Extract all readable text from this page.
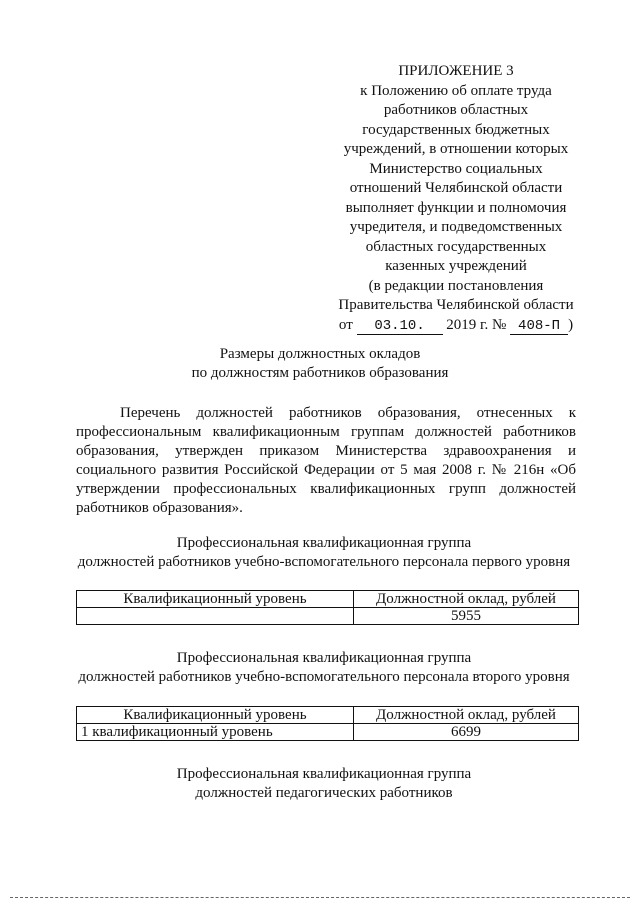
ПРИЛОЖЕНИЕ 3
к Положению об оплате труда
работников областных
государственных бюджетных
учреждений, в отношении которых
Министерство социальных
отношений Челябинской области
выполняет функции и полномочия
учредителя, и подведомственных
областных государственных
казенных учреждений
(в редакции постановления
Правительства Челябинской области
от 03.10. 2019 г. № 408-П )
Размеры должностных окладов
по должностям работников образования
Перечень должностей работников образования, отнесенных к профессиональным квалификационным группам должностей работников образования, утвержден приказом Министерства здравоохранения и социального развития Российской Федерации от 5 мая 2008 г. № 216н «Об утверждении профессиональных квалификационных групп должностей работников образования».
Профессиональная квалификационная группа
должностей работников учебно-вспомогательного персонала первого уровня
Квалификационный уровень	Должностной оклад, рублей
	5955
Профессиональная квалификационная группа
должностей работников учебно-вспомогательного персонала второго уровня
Квалификационный уровень	Должностной оклад, рублей
1 квалификационный уровень	6699
Профессиональная квалификационная группа
должностей педагогических работников
